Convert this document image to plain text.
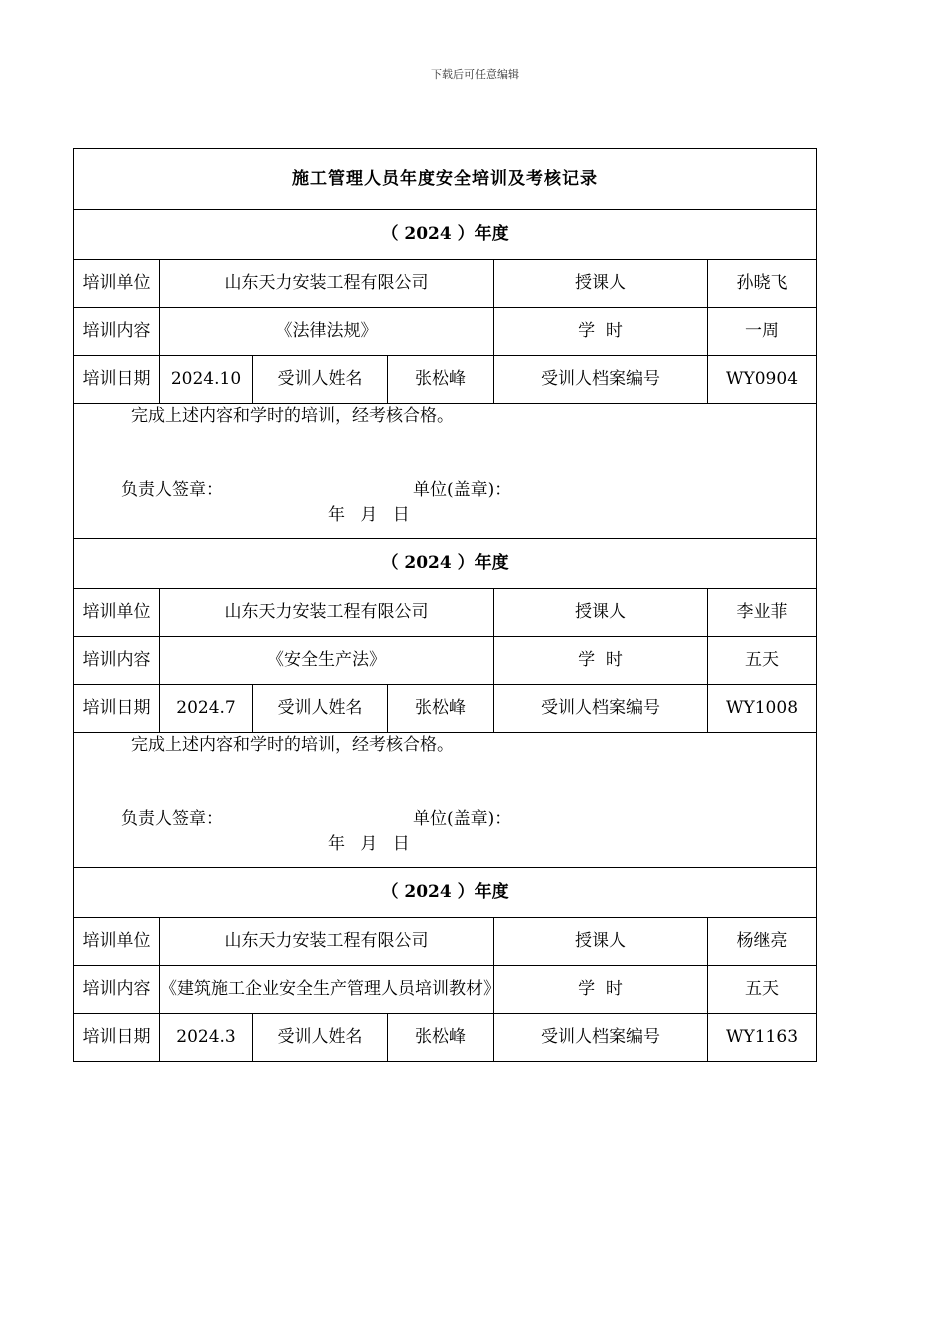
下载后可任意编辑
施工管理人员年度安全培训及考核记录					
（ 2024 ）年度					
培训单位	山东天力安装工程有限公司			授课人	孙晓飞
培训内容	《法律法规》			学  时	一周
培训日期	2024.10	受训人姓名	张松峰	受训人档案编号	WY0904

完成上述内容和学时的培训，经考核合格。
负责人签章： 单位(盖章)：
年 月 日					

（ 2024 ）年度					
培训单位	山东天力安装工程有限公司			授课人	李业菲
培训内容	《安全生产法》			学  时	五天
培训日期	2024.7	受训人姓名	张松峰	受训人档案编号	WY1008

完成上述内容和学时的培训，经考核合格。
负责人签章： 单位(盖章)：
年 月 日					

（ 2024 ）年度					
培训单位	山东天力安装工程有限公司			授课人	杨继亮
培训内容	《建筑施工企业安全生产管理人员培训教材》			学  时	五天
培训日期	2024.3	受训人姓名	张松峰	受训人档案编号	WY1163
